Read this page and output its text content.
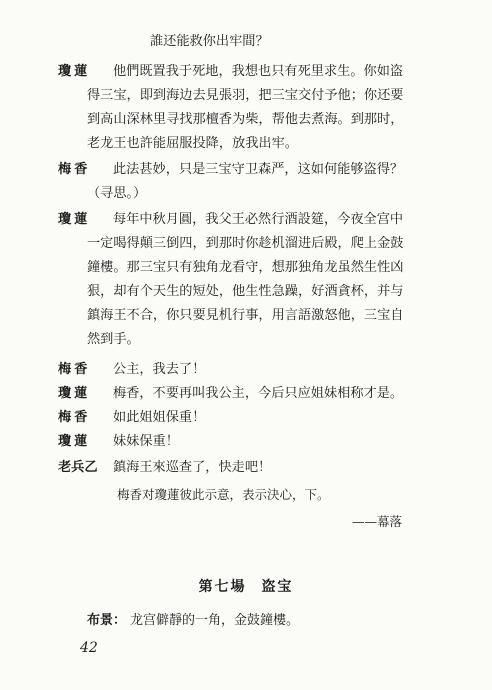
誰还能救你出牢間？
瓊蓮	他們既置我于死地，我想也只有死里求生。你如盗
得三宝，即到海边去見張羽，把三宝交付予他；你还要
到高山深林里寻找那檀香为柴，帮他去煮海。到那时，
老龙王也許能屈服投降，放我出牢。
梅香	此法甚妙，只是三宝守卫森严，这如何能够盗得？
（寻思。）
瓊蓮	每年中秋月圓，我父王必然行酒設筵，今夜全宫中
一定喝得顛三倒四，到那时你趁机溜进后殿，爬上金鼓
鐘樓。那三宝只有独角龙看守，想那独角龙虽然生性凶
狠，却有个天生的短处，他生性急躁，好酒貪杯，并与
鎮海王不合，你只要見机行事，用言語激怒他，三宝自
然到手。
梅香	公主，我去了！
瓊蓮	梅香，不要再叫我公主，今后只应姐妹相称才是。
梅香	如此姐姐保重！
瓊蓮	妹妹保重！
老兵乙	鎮海王來巡查了，快走吧！
梅香对瓊蓮彼此示意，表示決心，下。
——幕落
第七場 盗宝
布景： 龙宫僻靜的一角，金鼓鐘樓。
42
